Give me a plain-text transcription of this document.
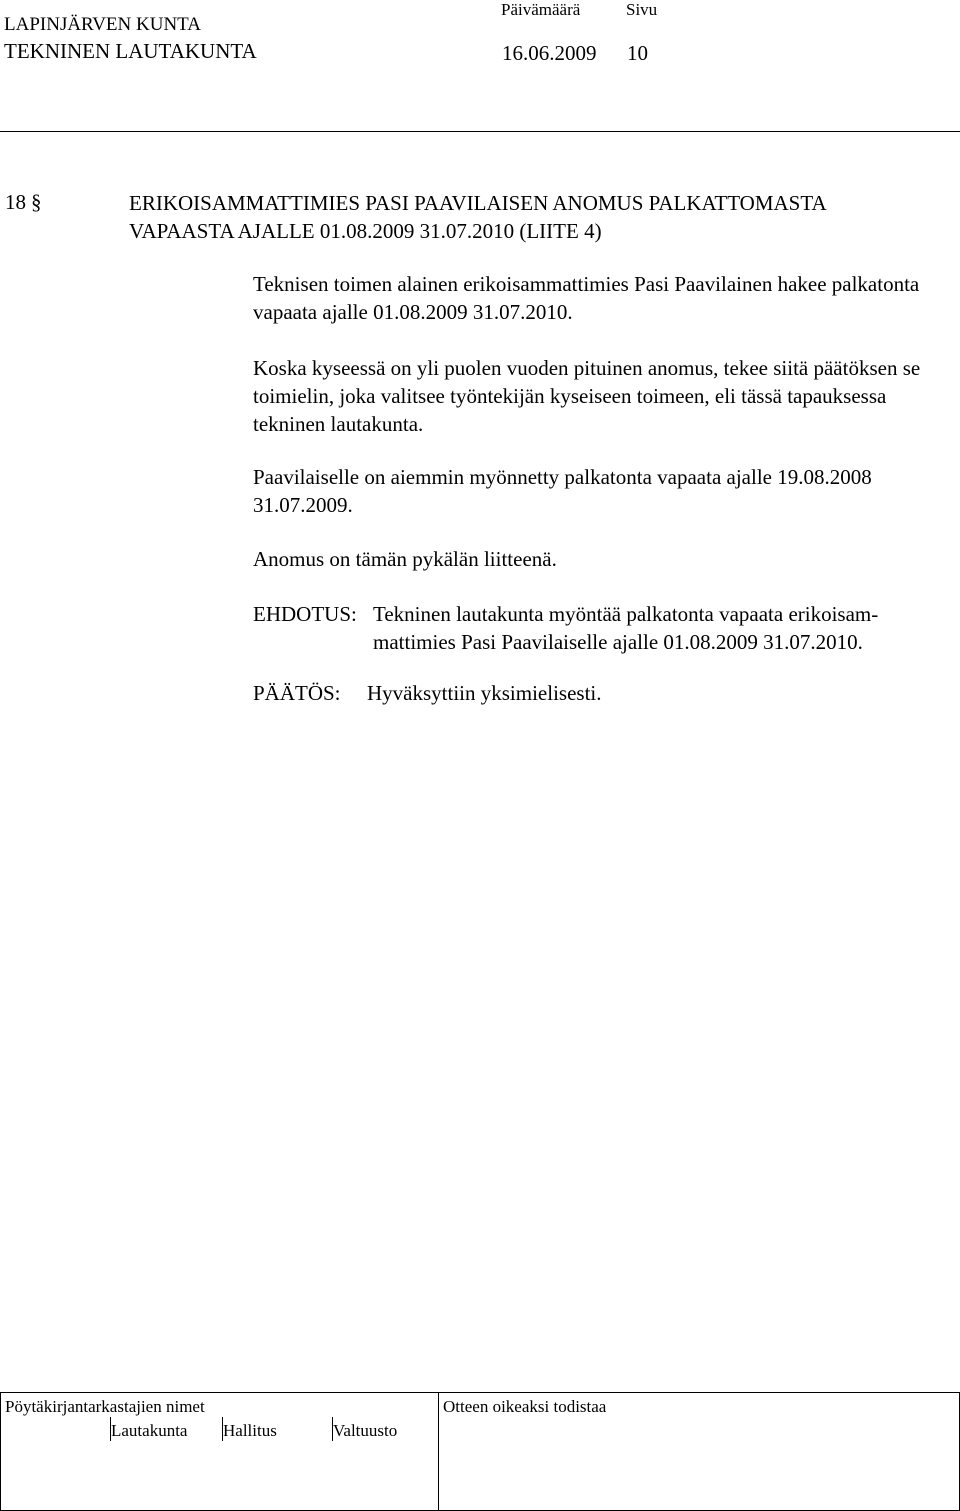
LAPINJÄRVEN KUNTA
TEKNINEN LAUTAKUNTA
Päivämäärä	Sivu
16.06.2009 10
18 §	ERIKOISAMMATTIMIES PASI PAAVILAISEN ANOMUS PALKATTOMASTA VAPAASTA AJALLE 01.08.2009 31.07.2010 (LIITE 4)
Teknisen toimen alainen erikoisammattimies Pasi Paavilainen hakee palkatonta vapaata ajalle 01.08.2009 31.07.2010.
Koska kyseessä on yli puolen vuoden pituinen anomus, tekee siitä päätöksen se toimielin, joka valitsee työntekijän kyseiseen toimeen, eli tässä tapauksessa tekninen lautakunta.
Paavilaiselle on aiemmin myönnetty palkatonta vapaata ajalle 19.08.2008 31.07.2009.
Anomus on tämän pykälän liitteenä.
EHDOTUS: Tekninen lautakunta myöntää palkatonta vapaata erikoisam-
mattimies Pasi Paavilaiselle ajalle 01.08.2009 31.07.2010.
PÄÄTÖS: Hyväksyttiin yksimielisesti.
Pöytäkirjantarkastajien nimet
Lautakunta Hallitus	Valtuusto
Otteen oikeaksi todistaa
